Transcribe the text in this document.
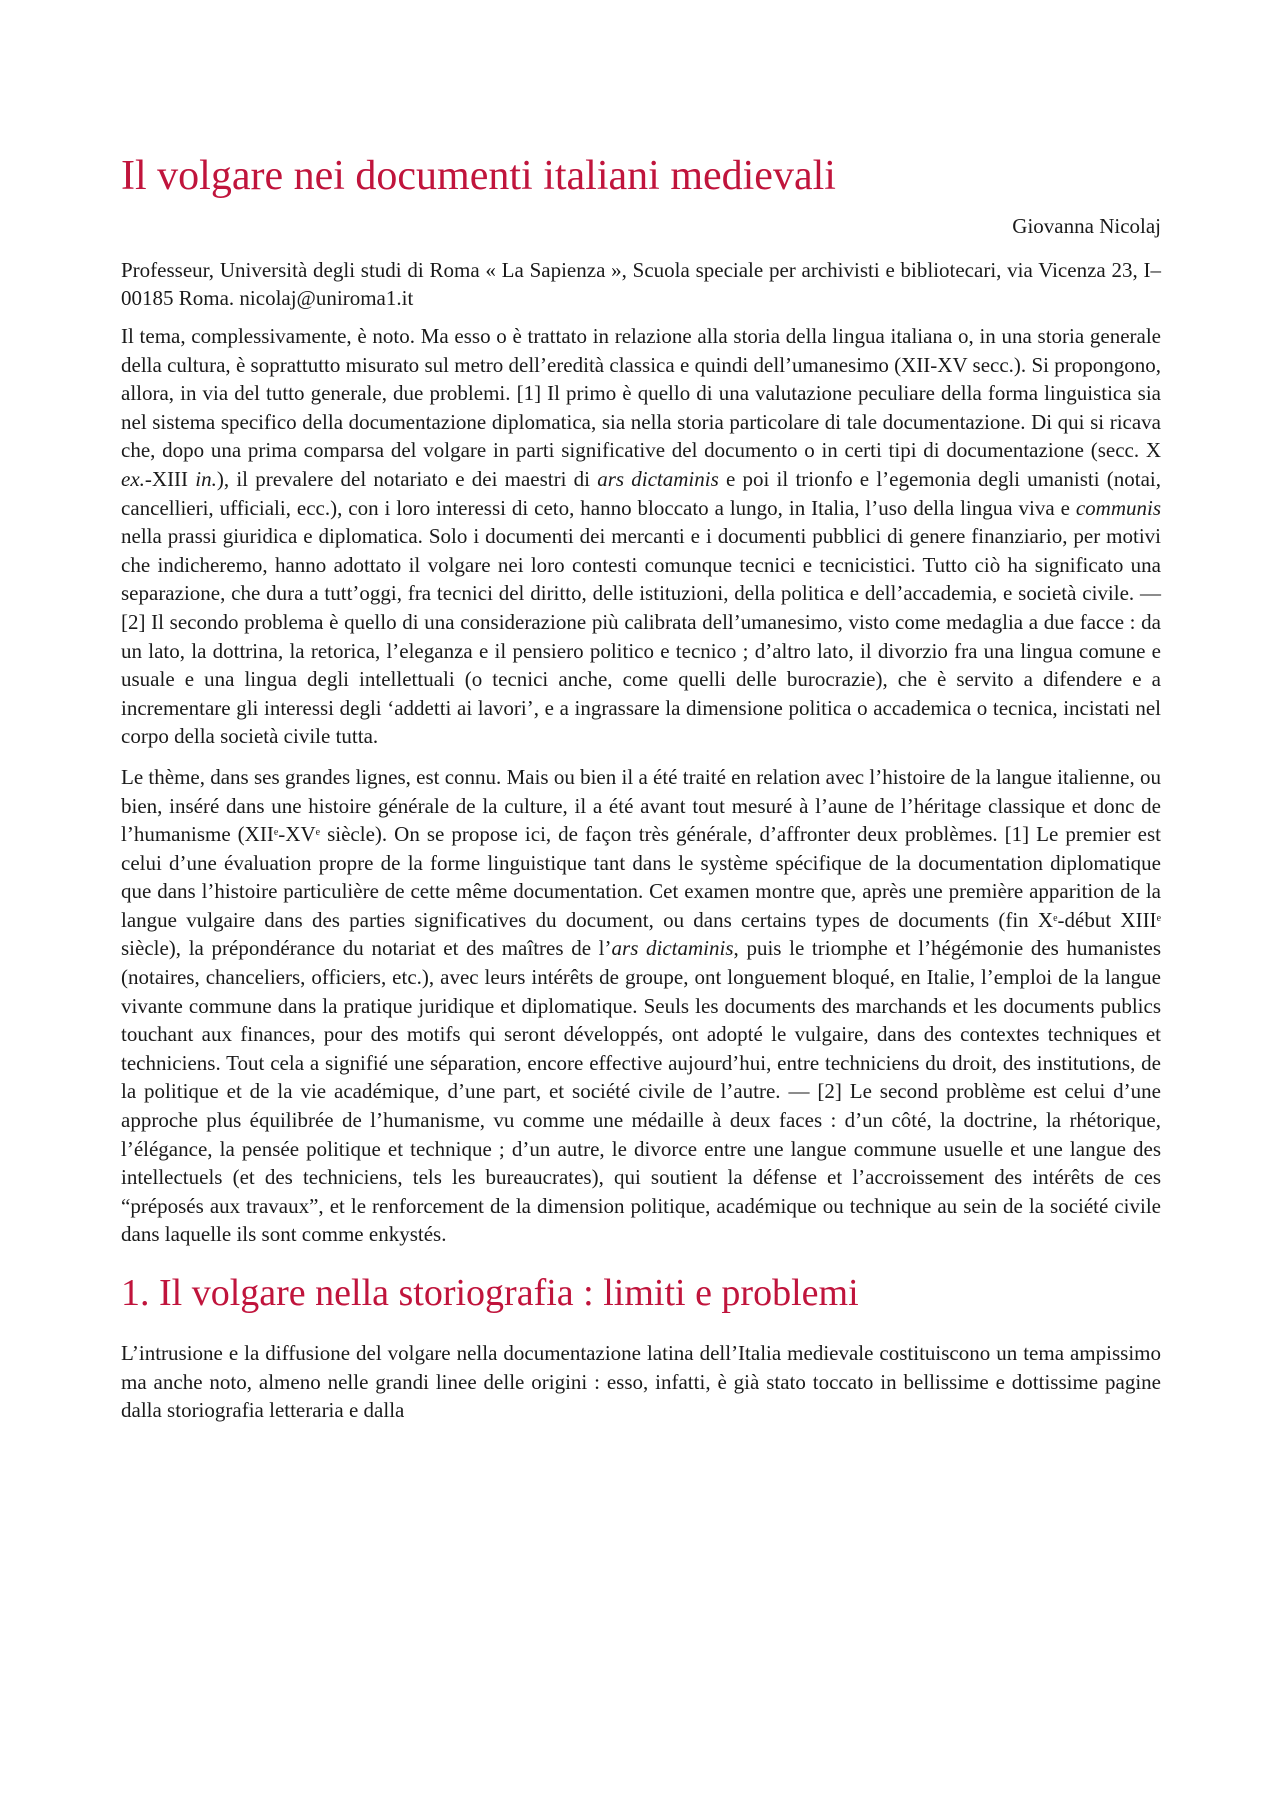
Il volgare nei documenti italiani medievali
Giovanna Nicolaj
Professeur, Università degli studi di Roma « La Sapienza », Scuola speciale per archivisti e bibliotecari, via Vicenza 23, I–00185 Roma. nicolaj@uniroma1.it

Il tema, complessivamente, è noto. Ma esso o è trattato in relazione alla storia della lingua italiana o, in una storia generale della cultura, è soprattutto misurato sul metro dell’eredità classica e quindi dell’umanesimo (XII-XV secc.). Si propongono, allora, in via del tutto generale, due problemi. [1] Il primo è quello di una valutazione peculiare della forma linguistica sia nel sistema specifico della documentazione diplomatica, sia nella storia particolare di tale documentazione. Di qui si ricava che, dopo una prima comparsa del volgare in parti significative del documento o in certi tipi di documentazione (secc. X ex.-XIII in.), il prevalere del notariato e dei maestri di ars dictaminis e poi il trionfo e l’egemonia degli umanisti (notai, cancellieri, ufficiali, ecc.), con i loro interessi di ceto, hanno bloccato a lungo, in Italia, l’uso della lingua viva e communis nella prassi giuridica e diplomatica. Solo i documenti dei mercanti e i documenti pubblici di genere finanziario, per motivi che indicheremo, hanno adottato il volgare nei loro contesti comunque tecnici e tecnicistici. Tutto ciò ha significato una separazione, che dura a tutt’oggi, fra tecnici del diritto, delle istituzioni, della politica e dell’accademia, e società civile. — [2] Il secondo problema è quello di una considerazione più calibrata dell’umanesimo, visto come medaglia a due facce : da un lato, la dottrina, la retorica, l’eleganza e il pensiero politico e tecnico ; d’altro lato, il divorzio fra una lingua comune e usuale e una lingua degli intellettuali (o tecnici anche, come quelli delle burocrazie), che è servito a difendere e a incrementare gli interessi degli ‘addetti ai lavori’, e a ingrassare la dimensione politica o accademica o tecnica, incistati nel corpo della società civile tutta.

Le thème, dans ses grandes lignes, est connu. Mais ou bien il a été traité en relation avec l’histoire de la langue italienne, ou bien, inséré dans une histoire générale de la culture, il a été avant tout mesuré à l’aune de l’héritage classique et donc de l’humanisme (XIIe-XVe siècle). On se propose ici, de façon très générale, d’affronter deux problèmes. [1] Le premier est celui d’une évaluation propre de la forme linguistique tant dans le système spécifique de la documentation diplomatique que dans l’histoire particulière de cette même documentation. Cet examen montre que, après une première apparition de la langue vulgaire dans des parties significatives du document, ou dans certains types de documents (fin Xe-début XIIIe siècle), la prépondérance du notariat et des maîtres de l’ars dictaminis, puis le triomphe et l’hégémonie des humanistes (notaires, chanceliers, officiers, etc.), avec leurs intérêts de groupe, ont longuement bloqué, en Italie, l’emploi de la langue vivante commune dans la pratique juridique et diplomatique. Seuls les documents des marchands et les documents publics touchant aux finances, pour des motifs qui seront développés, ont adopté le vulgaire, dans des contextes techniques et techniciens. Tout cela a signifié une séparation, encore effective aujourd’hui, entre techniciens du droit, des institutions, de la politique et de la vie académique, d’une part, et société civile de l’autre. — [2] Le second problème est celui d’une approche plus équilibrée de l’humanisme, vu comme une médaille à deux faces : d’un côté, la doctrine, la rhétorique, l’élégance, la pensée politique et technique ; d’un autre, le divorce entre une langue commune usuelle et une langue des intellectuels (et des techniciens, tels les bureaucrates), qui soutient la défense et l’accroissement des intérêts de ces “préposés aux travaux”, et le renforcement de la dimension politique, académique ou technique au sein de la société civile dans laquelle ils sont comme enkystés.

1. Il volgare nella storiografia : limiti e problemi

L’intrusione e la diffusione del volgare nella documentazione latina dell’Italia medievale costituiscono un tema ampissimo ma anche noto, almeno nelle grandi linee delle origini : esso, infatti, è già stato toccato in bellissime e dottissime pagine dalla storiografia letteraria e dalla
